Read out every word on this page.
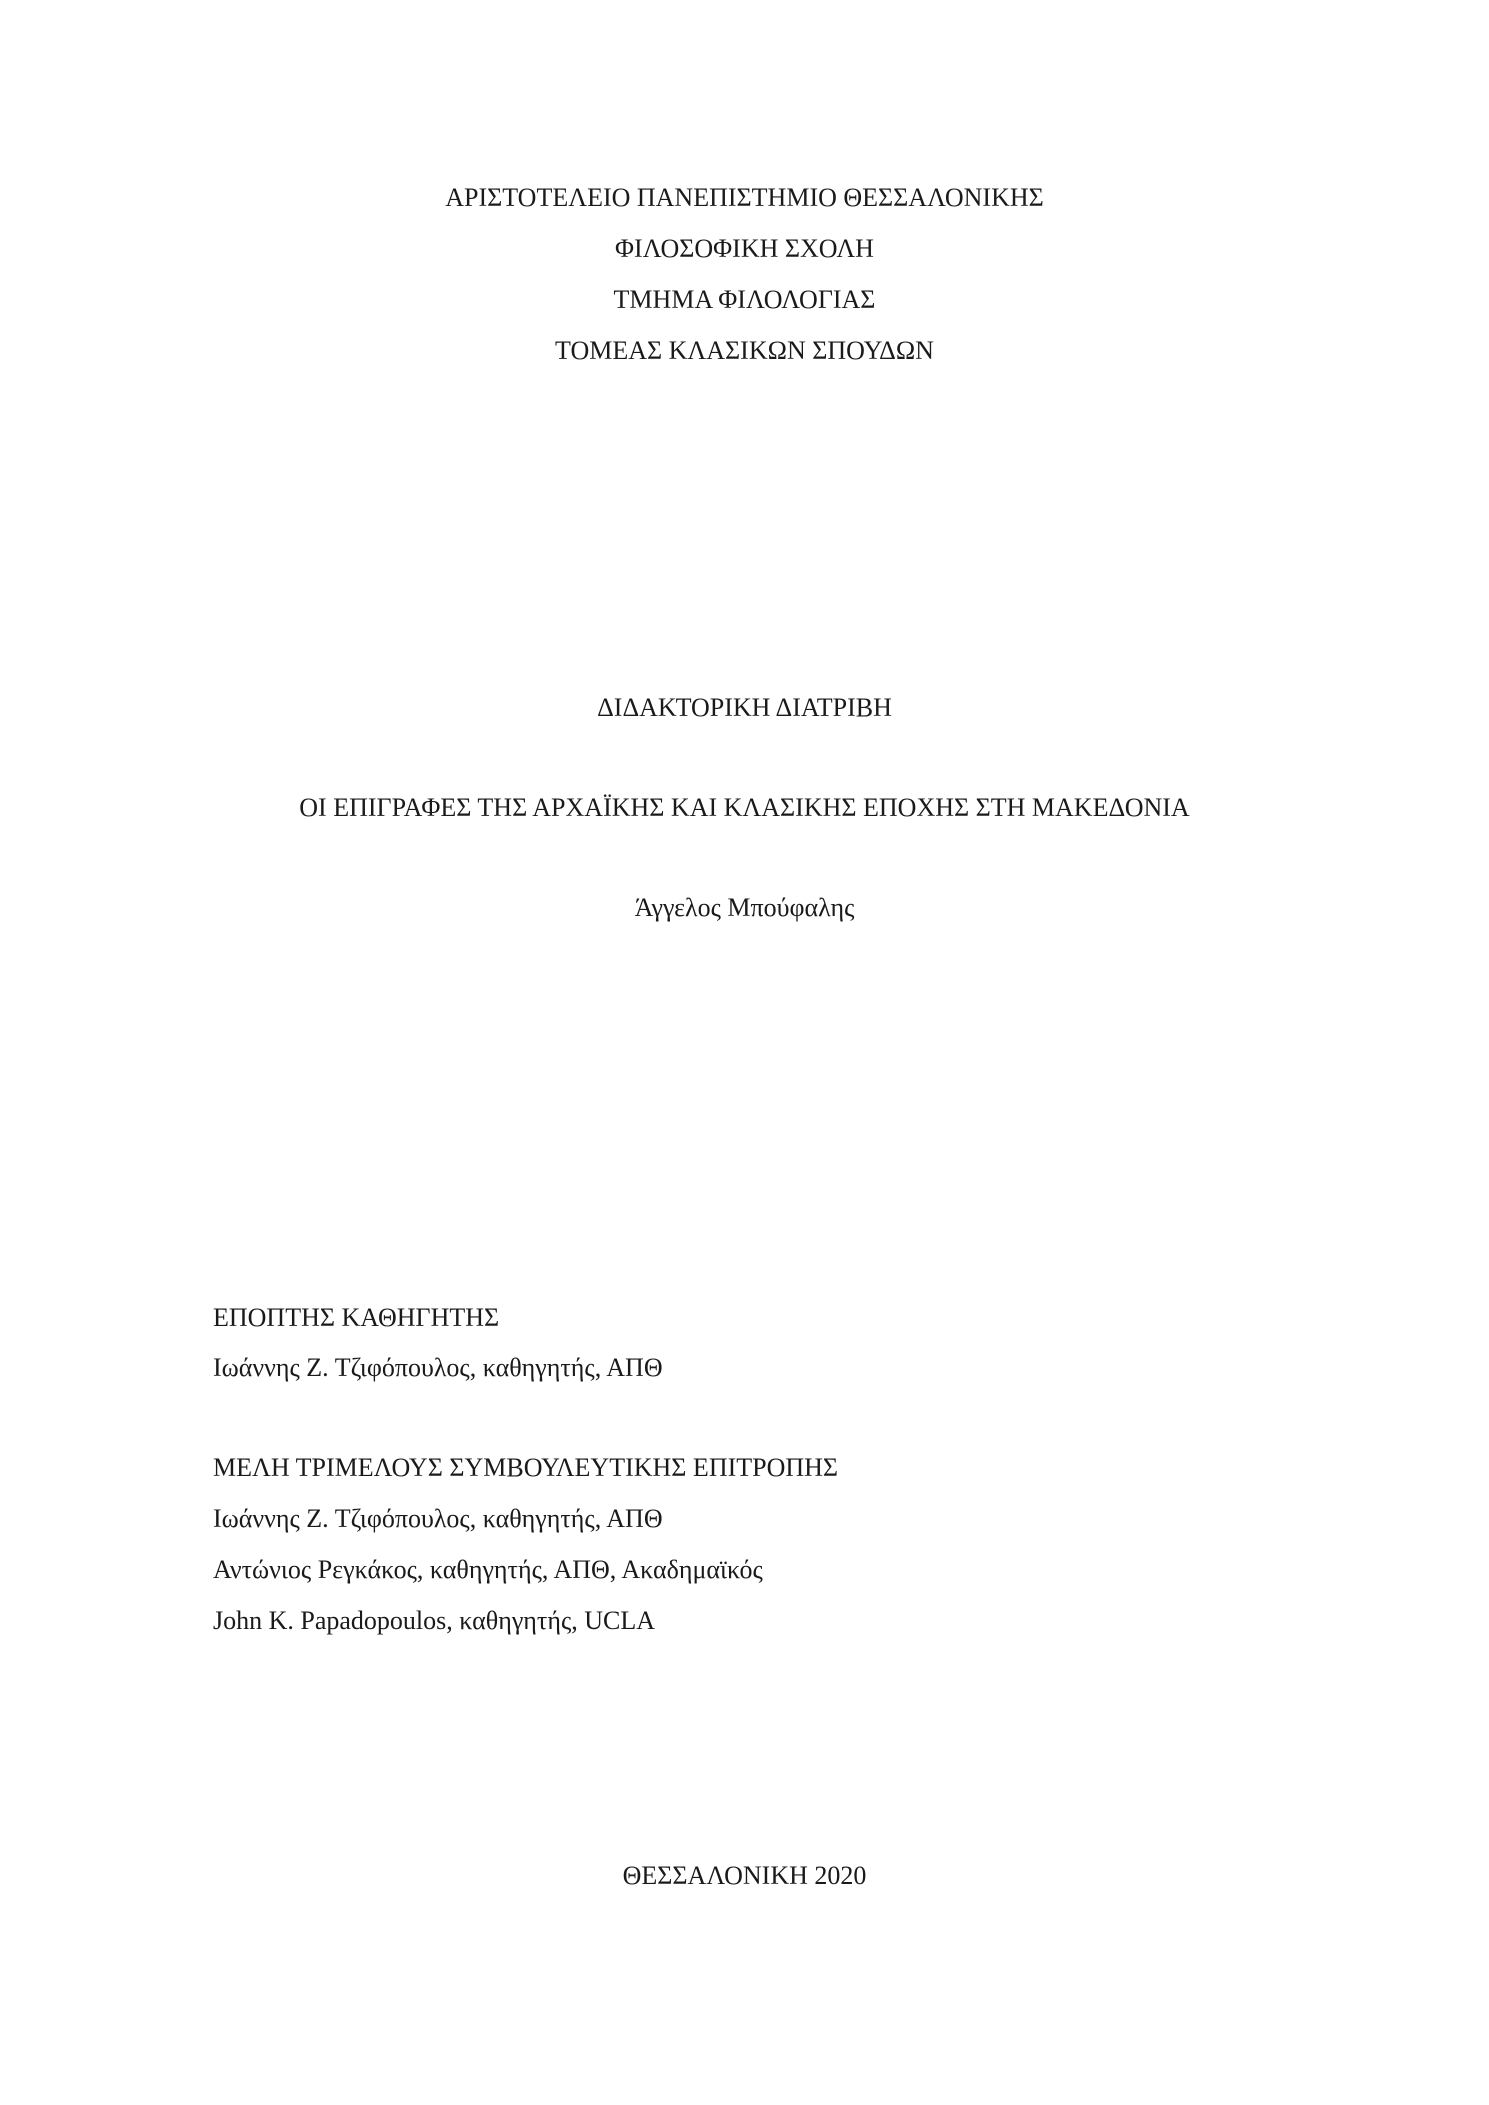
ΑΡΙΣΤΟΤΕΛΕΙΟ ΠΑΝΕΠΙΣΤΗΜΙΟ ΘΕΣΣΑΛΟΝΙΚΗΣ
ΦΙΛΟΣΟΦΙΚΗ ΣΧΟΛΗ
ΤΜΗΜΑ ΦΙΛΟΛΟΓΙΑΣ
ΤΟΜΕΑΣ ΚΛΑΣΙΚΩΝ ΣΠΟΥΔΩΝ
ΔΙΔΑΚΤΟΡΙΚΗ ΔΙΑΤΡΙΒΗ
ΟΙ ΕΠΙΓΡΑΦΕΣ ΤΗΣ ΑΡΧΑΪΚΗΣ ΚΑΙ ΚΛΑΣΙΚΗΣ ΕΠΟΧΗΣ ΣΤΗ ΜΑΚΕΔΟΝΙΑ
Άγγελος Μπούφαλης
ΕΠΟΠΤΗΣ ΚΑΘΗΓΗΤΗΣ
Ιωάννης Ζ. Τζιφόπουλος, καθηγητής, ΑΠΘ
ΜΕΛΗ ΤΡΙΜΕΛΟΥΣ ΣΥΜΒΟΥΛΕΥΤΙΚΗΣ ΕΠΙΤΡΟΠΗΣ
Ιωάννης Ζ. Τζιφόπουλος, καθηγητής, ΑΠΘ
Αντώνιος Ρεγκάκος, καθηγητής, ΑΠΘ, Ακαδημαϊκός
John K. Papadopoulos, καθηγητής, UCLA
ΘΕΣΣΑΛΟΝΙΚΗ 2020
